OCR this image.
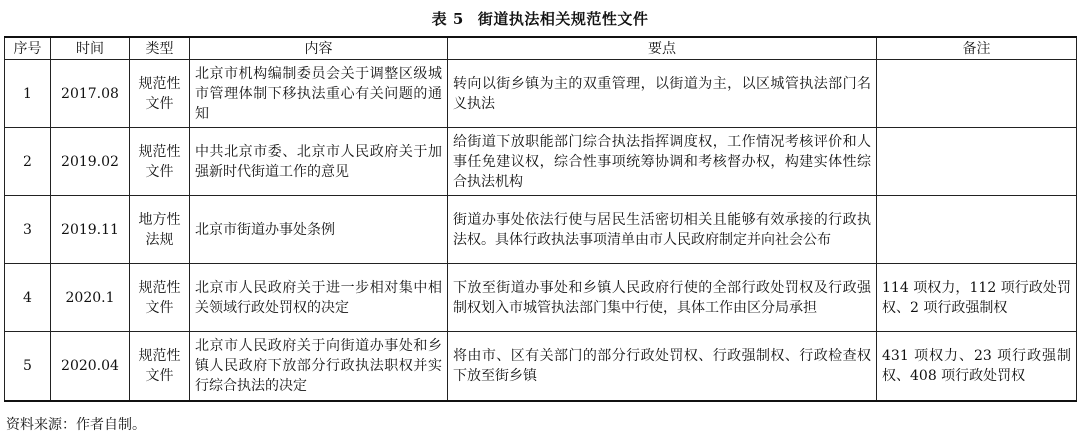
表 5 街道执法相关规范性文件
序号	时间	类型	内容	要点	备注
1	2017.08	规范性文件	北京市机构编制委员会关于调整区级城市管理体制下移执法重心有关问题的通知	转向以街乡镇为主的双重管理，以街道为主，以区城管执法部门名义执法	
2	2019.02	规范性文件	中共北京市委、北京市人民政府关于加强新时代街道工作的意见	给街道下放职能部门综合执法指挥调度权，工作情况考核评价和人事任免建议权，综合性事项统筹协调和考核督办权，构建实体性综合执法机构	
3	2019.11	地方性法规	北京市街道办事处条例	街道办事处依法行使与居民生活密切相关且能够有效承接的行政执法权。具体行政执法事项清单由市人民政府制定并向社会公布	
4	2020.1	规范性文件	北京市人民政府关于进一步相对集中相关领域行政处罚权的决定	下放至街道办事处和乡镇人民政府行使的全部行政处罚权及行政强制权划入市城管执法部门集中行使，具体工作由区分局承担	114 项权力，112 项行政处罚权、2 项行政强制权
5	2020.04	规范性文件	北京市人民政府关于向街道办事处和乡镇人民政府下放部分行政执法职权并实行综合执法的决定	将由市、区有关部门的部分行政处罚权、行政强制权、行政检查权下放至街乡镇	431 项权力、23 项行政强制权、408 项行政处罚权
资料来源：作者自制。
